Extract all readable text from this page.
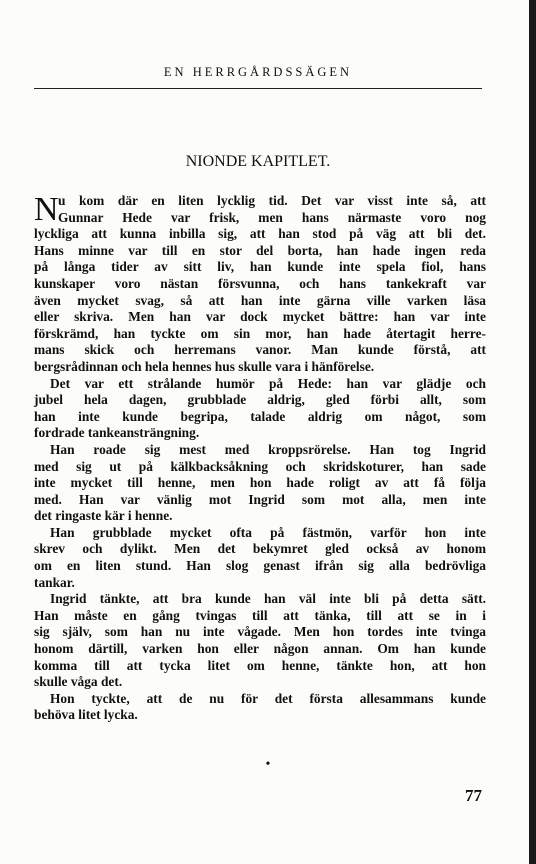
EN HERRGÅRDSSÄGEN
NIONDE KAPITLET.
N u kom där en liten lycklig tid. Det var visst inte så, att
Gunnar Hede var frisk, men hans närmaste voro nog
lyckliga att kunna inbilla sig, att han stod på väg att bli det.
Hans minne var till en stor del borta, han hade ingen reda
på långa tider av sitt liv, han kunde inte spela fiol, hans
kunskaper voro nästan försvunna, och hans tankekraft var
även mycket svag, så att han inte gärna ville varken läsa
eller skriva. Men han var dock mycket bättre: han var inte
förskrämd, han tyckte om sin mor, han hade återtagit herre-
mans skick och herremans vanor. Man kunde förstå, att
bergsrådinnan och hela hennes hus skulle vara i hänförelse.
Det var ett strålande humör på Hede: han var glädje och
jubel hela dagen, grubblade aldrig, gled förbi allt, som
han inte kunde begripa, talade aldrig om något, som
fordrade tankeansträngning.
Han roade sig mest med kroppsrörelse. Han tog Ingrid
med sig ut på kälkbacksåkning och skridskoturer, han sade
inte mycket till henne, men hon hade roligt av att få följa
med. Han var vänlig mot Ingrid som mot alla, men inte
det ringaste kär i henne.
Han grubblade mycket ofta på fästmön, varför hon inte
skrev och dylikt. Men det bekymret gled också av honom
om en liten stund. Han slog genast ifrån sig alla bedrövliga
tankar.
Ingrid tänkte, att bra kunde han väl inte bli på detta sätt.
Han måste en gång tvingas till att tänka, till att se in i
sig själv, som han nu inte vågade. Men hon tordes inte tvinga
honom därtill, varken hon eller någon annan. Om han kunde
komma till att tycka litet om henne, tänkte hon, att hon
skulle våga det.
Hon tyckte, att de nu för det första allesammans kunde
behöva litet lycka.
•
77
